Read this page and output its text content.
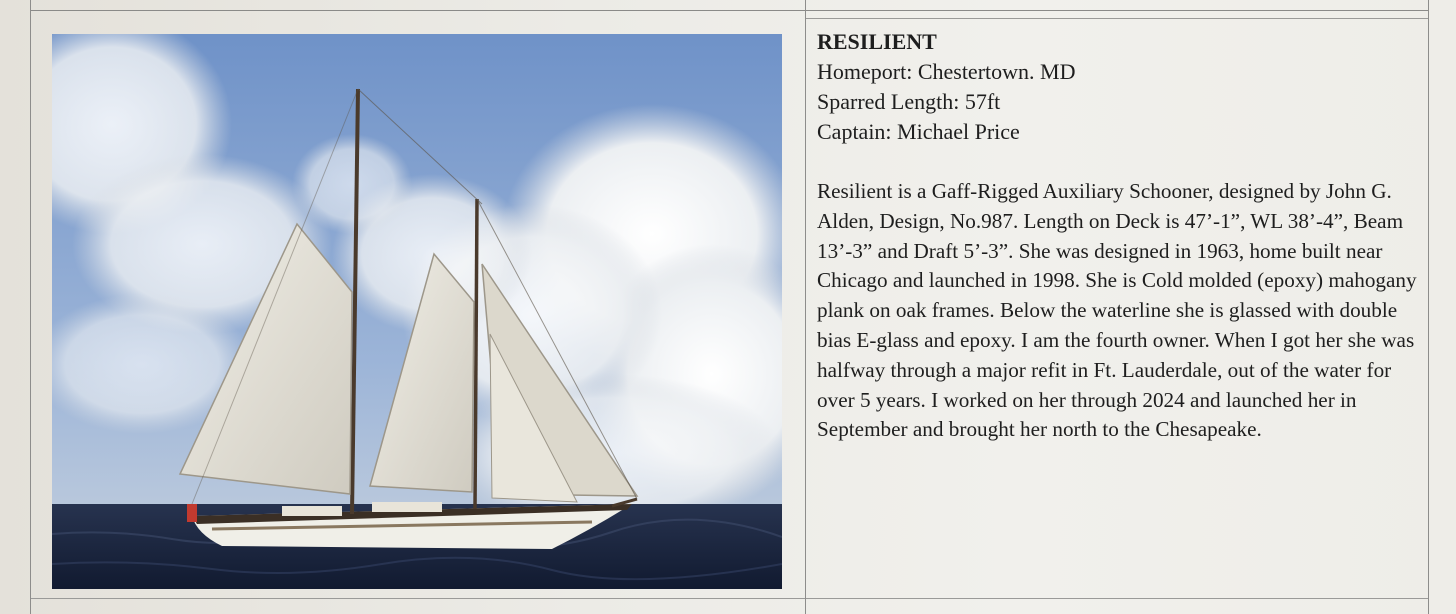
RESILIENT

Homeport: Chestertown. MD

Sparred Length: 57ft

Captain: Michael Price

Resilient is a Gaff-Rigged Auxiliary Schooner, designed by John G. Alden, Design, No.987. Length on Deck is 47’-1”, WL 38’-4”, Beam 13’-3” and Draft 5’-3”. She was designed in 1963, home built near Chicago and launched in 1998. She is Cold molded (epoxy) mahogany plank on oak frames. Below the waterline she is glassed with double bias E-glass and epoxy. I am the fourth owner. When I got her she was halfway through a major refit in Ft. Lauderdale, out of the water for over 5 years. I worked on her through 2024 and launched her in September and brought her north to the Chesapeake.
